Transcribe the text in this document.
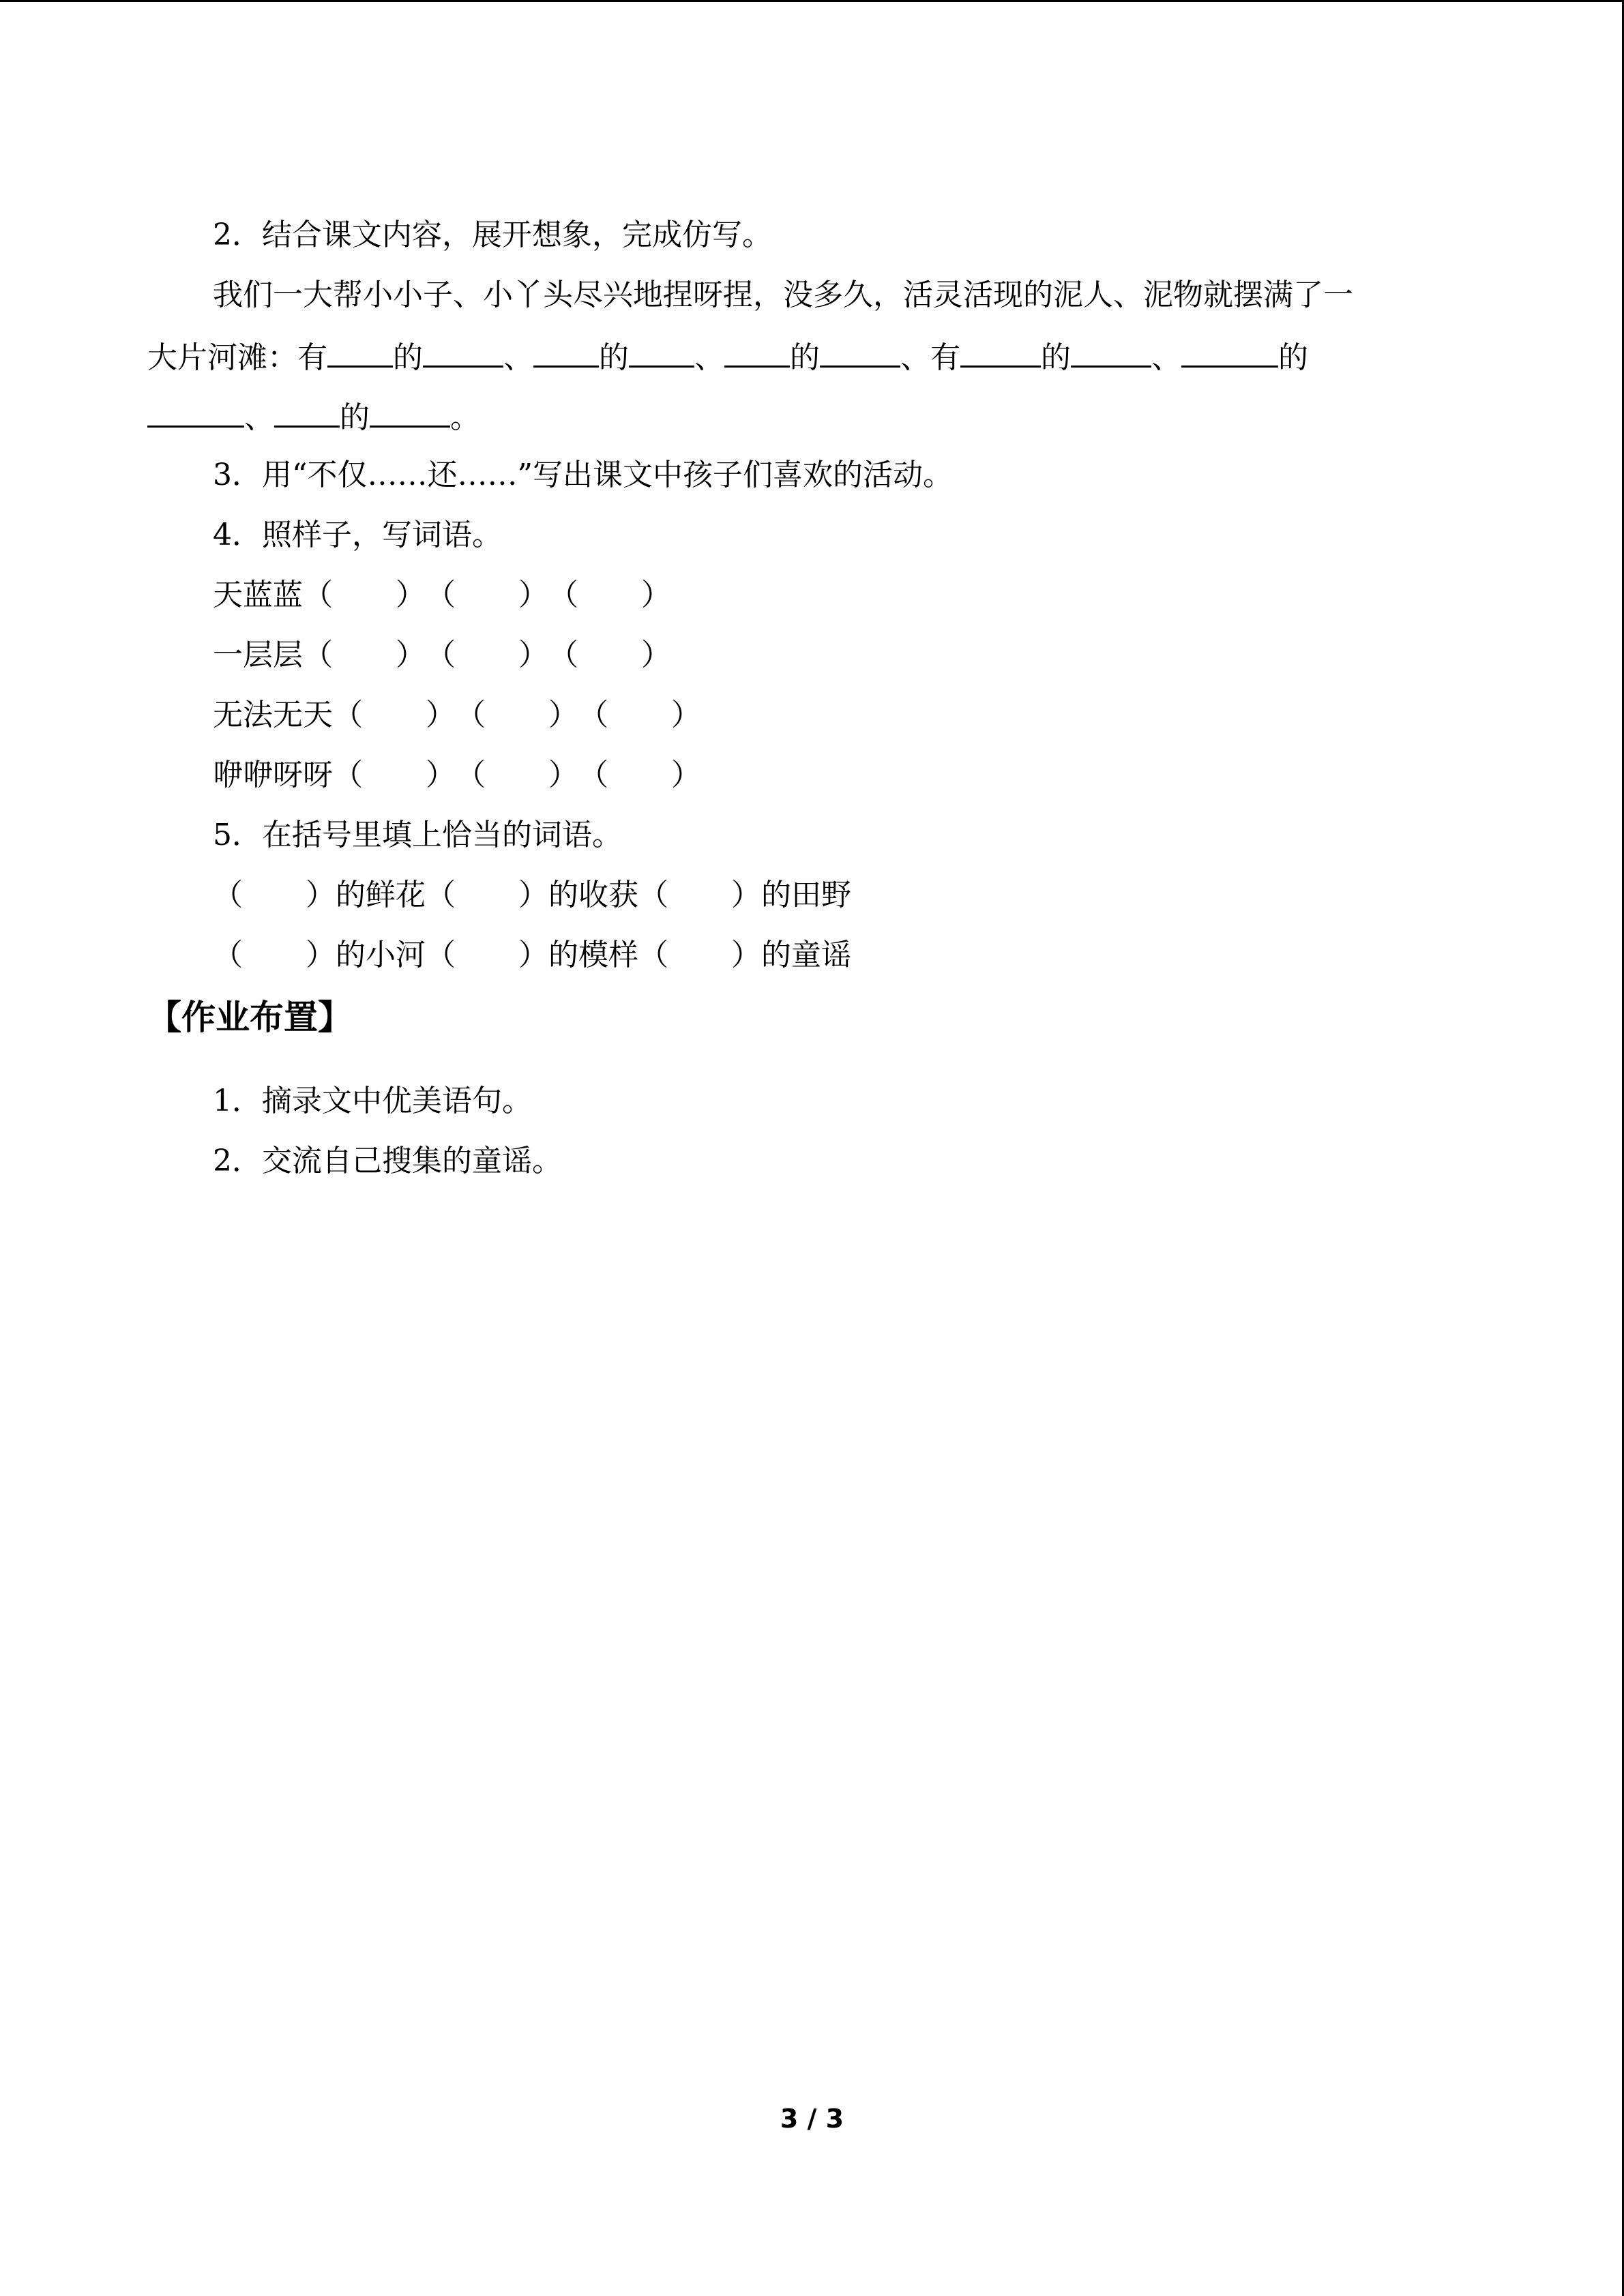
2．结合课文内容，展开想象，完成仿写。
我们一大帮小小子、小丫头尽兴地捏呀捏，没多久，活灵活现的泥人、泥物就摆满了一
大片河滩：有 的	、 的 、 的	、有	的	、	的
、 的	。
3．用“不仅……还……”写出课文中孩子们喜欢的活动。
4．照样子，写词语。
天蓝蓝（ ）（ ）（ ）
一层层（ ）（ ）（ ）
无法无天（ ）（ ）（ ）
咿咿呀呀（ ）（ ）（ ）
5．在括号里填上恰当的词语。
（ ）的鲜花（ ）的收获（ ）的田野
（ ）的小河（ ）的模样（ ）的童谣
【作业布置】
1．摘录文中优美语句。
2．交流自己搜集的童谣。
3 / 3
